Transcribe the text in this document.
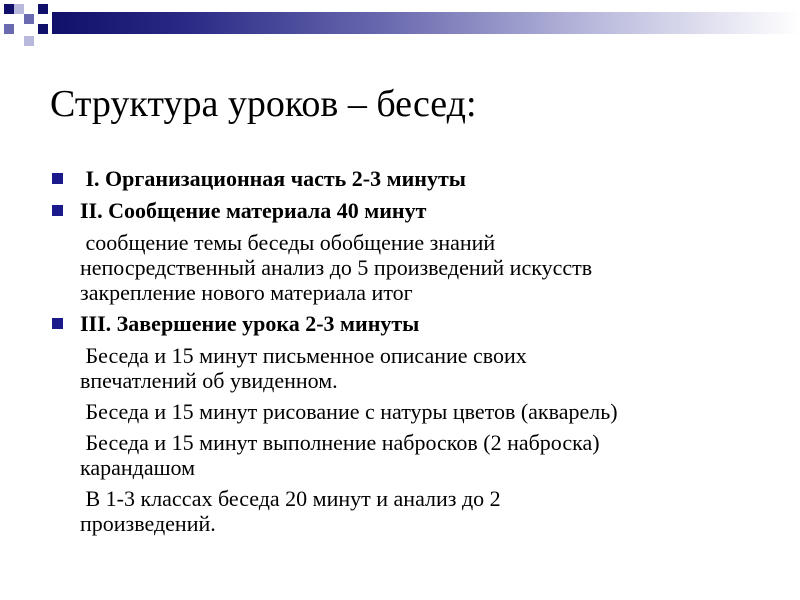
Структура уроков – бесед:
I. Организационная часть 2-3 минуты
II. Сообщение материала 40 минут
сообщение темы беседы обобщение знаний
непосредственный анализ до 5 произведений искусств
закрепление нового материала итог
III. Завершение урока 2-3 минуты
Беседа и 15 минут письменное описание своих
впечатлений об увиденном.
Беседа и 15 минут рисование с натуры цветов (акварель)
Беседа и 15 минут выполнение набросков (2 наброска)
карандашом
В 1-3 классах беседа 20 минут и анализ до 2
произведений.
